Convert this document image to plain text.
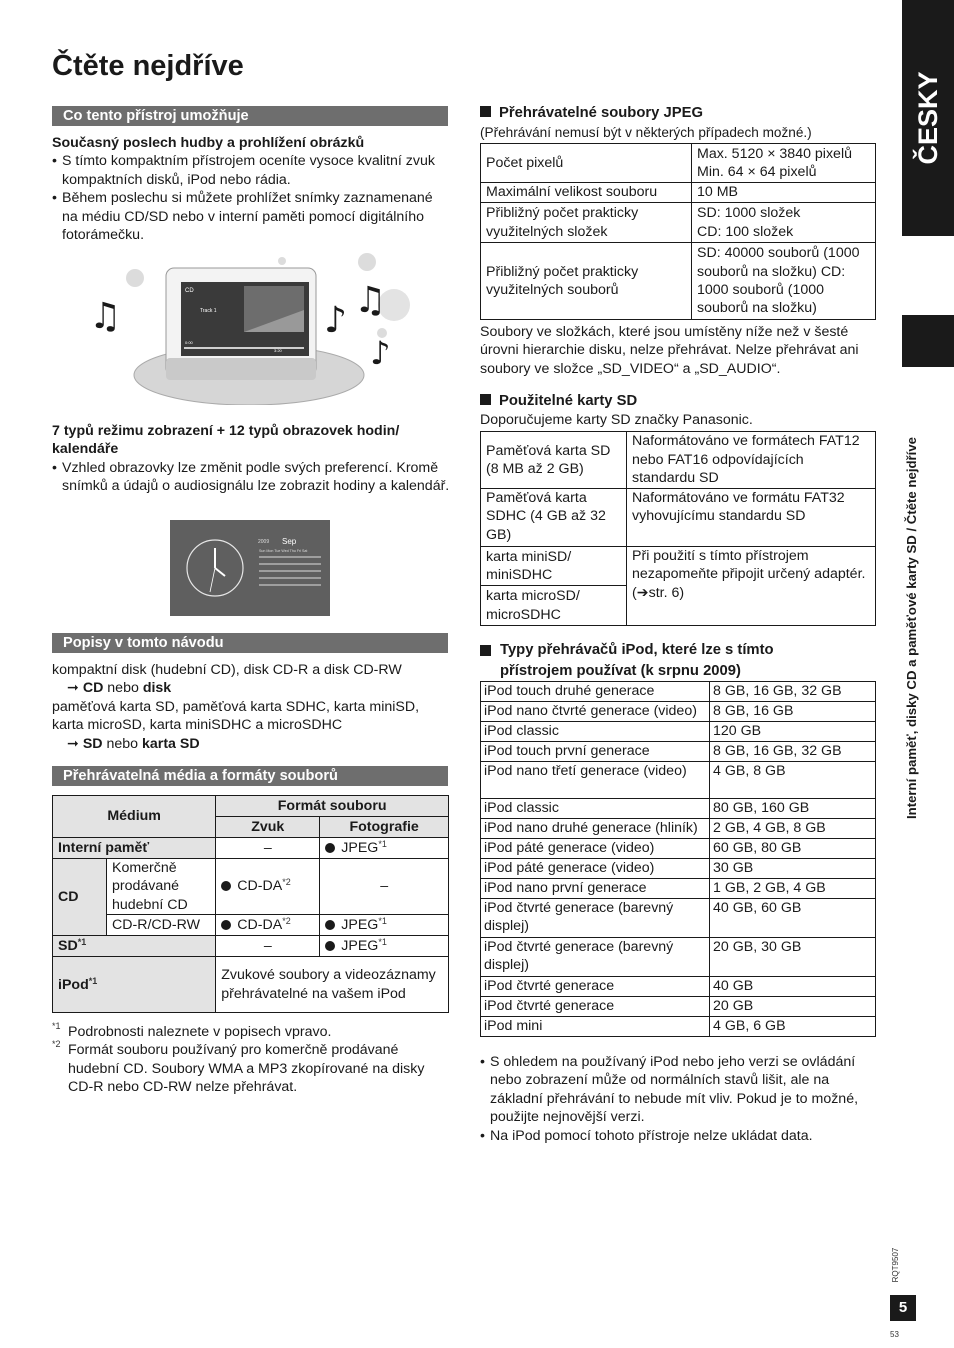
ČESKY
Interní paměť, disky CD a paměťové karty SD / Čtěte nejdříve
RQT9507
5
53
Čtěte nejdříve
Co tento přístroj umožňuje
Současný poslech hudby a prohlížení obrázků
• S tímto kompaktním přístrojem oceníte vysoce kvalitní zvuk kompaktních disků, iPod nebo rádia.
• Během poslechu si můžete prohlížet snímky zaznamenané na médiu CD/SD nebo v interní paměti pomocí digitálního fotorámečku.
CD
Track 1
0:00
3:20
♫	♪ ♫
♪
7 typů režimu zobrazení + 12 typů obrazovek hodin/ kalendáře
• Vzhled obrazovky lze změnit podle svých preferencí. Kromě snímků a údajů o audiosignálu lze zobrazit hodiny a kalendář.
2009 Sep
Sun Mon Tue Wed Thu Fri Sat
Popisy v tomto návodu
kompaktní disk (hudební CD), disk CD-R a disk CD-RW
➞ CD nebo disk
paměťová karta SD, paměťová karta SDHC, karta miniSD, karta microSD, karta miniSDHC a microSDHC
➞ SD nebo karta SD
Přehrávatelná média a formáty souborů
Médium		Formát souboru	
		Zvuk	Fotografie
Interní paměť		–	JPEG$^{*1}$
CD	Komerčně prodávané hudební CD	CD-DA$^{*2}$	–
	CD-R/CD-RW	CD-DA$^{*2}$	JPEG$^{*1}$
SD$^{*1}$		–	JPEG$^{*1}$
iPod$^{*1}$		Zvukové soubory a videozáznamy přehrávatelné na vašem iPod	
*1 Podrobnosti naleznete v popisech vpravo.
*2 Formát souboru používaný pro komerčně prodávané hudební CD. Soubory WMA a MP3 zkopírované na disky CD-R nebo CD-RW nelze přehrávat.
Přehrávatelné soubory JPEG
(Přehrávání nemusí být v některých případech možné.)
Počet pixelů	Max. 5120 × 3840 pixelů
Min. 64 × 64 pixelů
Maximální velikost souboru	10 MB
Přibližný počet prakticky využitelných složek	SD: 1000 složek
CD: 100 složek
Přibližný počet prakticky využitelných souborů	SD: 40000 souborů (1000 souborů na složku) CD: 1000 souborů (1000 souborů na složku)
Soubory ve složkách, které jsou umístěny níže než v šesté úrovni hierarchie disku, nelze přehrávat. Nelze přehrávat ani soubory ve složce „SD_VIDEO“ a „SD_AUDIO“.
Použitelné karty SD
Doporučujeme karty SD značky Panasonic.
Paměťová karta SD (8 MB až 2 GB)	Naformátováno ve formátech FAT12 nebo FAT16 odpovídajících standardu SD
Paměťová karta SDHC (4 GB až 32 GB)	Naformátováno ve formátu FAT32 vyhovujícímu standardu SD
karta miniSD/ miniSDHC	Při použití s tímto přístrojem nezapomeňte připojit určený adaptér. (➔str. 6)
karta microSD/ microSDHC	
Typy přehrávačů iPod, které lze s tímto přístrojem používat (k srpnu 2009)
iPod touch druhé generace	8 GB, 16 GB, 32 GB
iPod nano čtvrté generace (video)	8 GB, 16 GB
iPod classic	120 GB
iPod touch první generace	8 GB, 16 GB, 32 GB
iPod nano třetí generace (video)	4 GB, 8 GB
iPod classic	80 GB, 160 GB
iPod nano druhé generace (hliník)	2 GB, 4 GB, 8 GB
iPod páté generace (video)	60 GB, 80 GB
iPod páté generace (video)	30 GB
iPod nano první generace	1 GB, 2 GB, 4 GB
iPod čtvrté generace (barevný displej)	40 GB, 60 GB
iPod čtvrté generace (barevný displej)	20 GB, 30 GB
iPod čtvrté generace	40 GB
iPod čtvrté generace	20 GB
iPod mini	4 GB, 6 GB
• S ohledem na používaný iPod nebo jeho verzi se ovládání nebo zobrazení může od normálních stavů lišit, ale na základní přehrávání to nebude mít vliv. Pokud je to možné, použijte nejnovější verzi.
• Na iPod pomocí tohoto přístroje nelze ukládat data.
